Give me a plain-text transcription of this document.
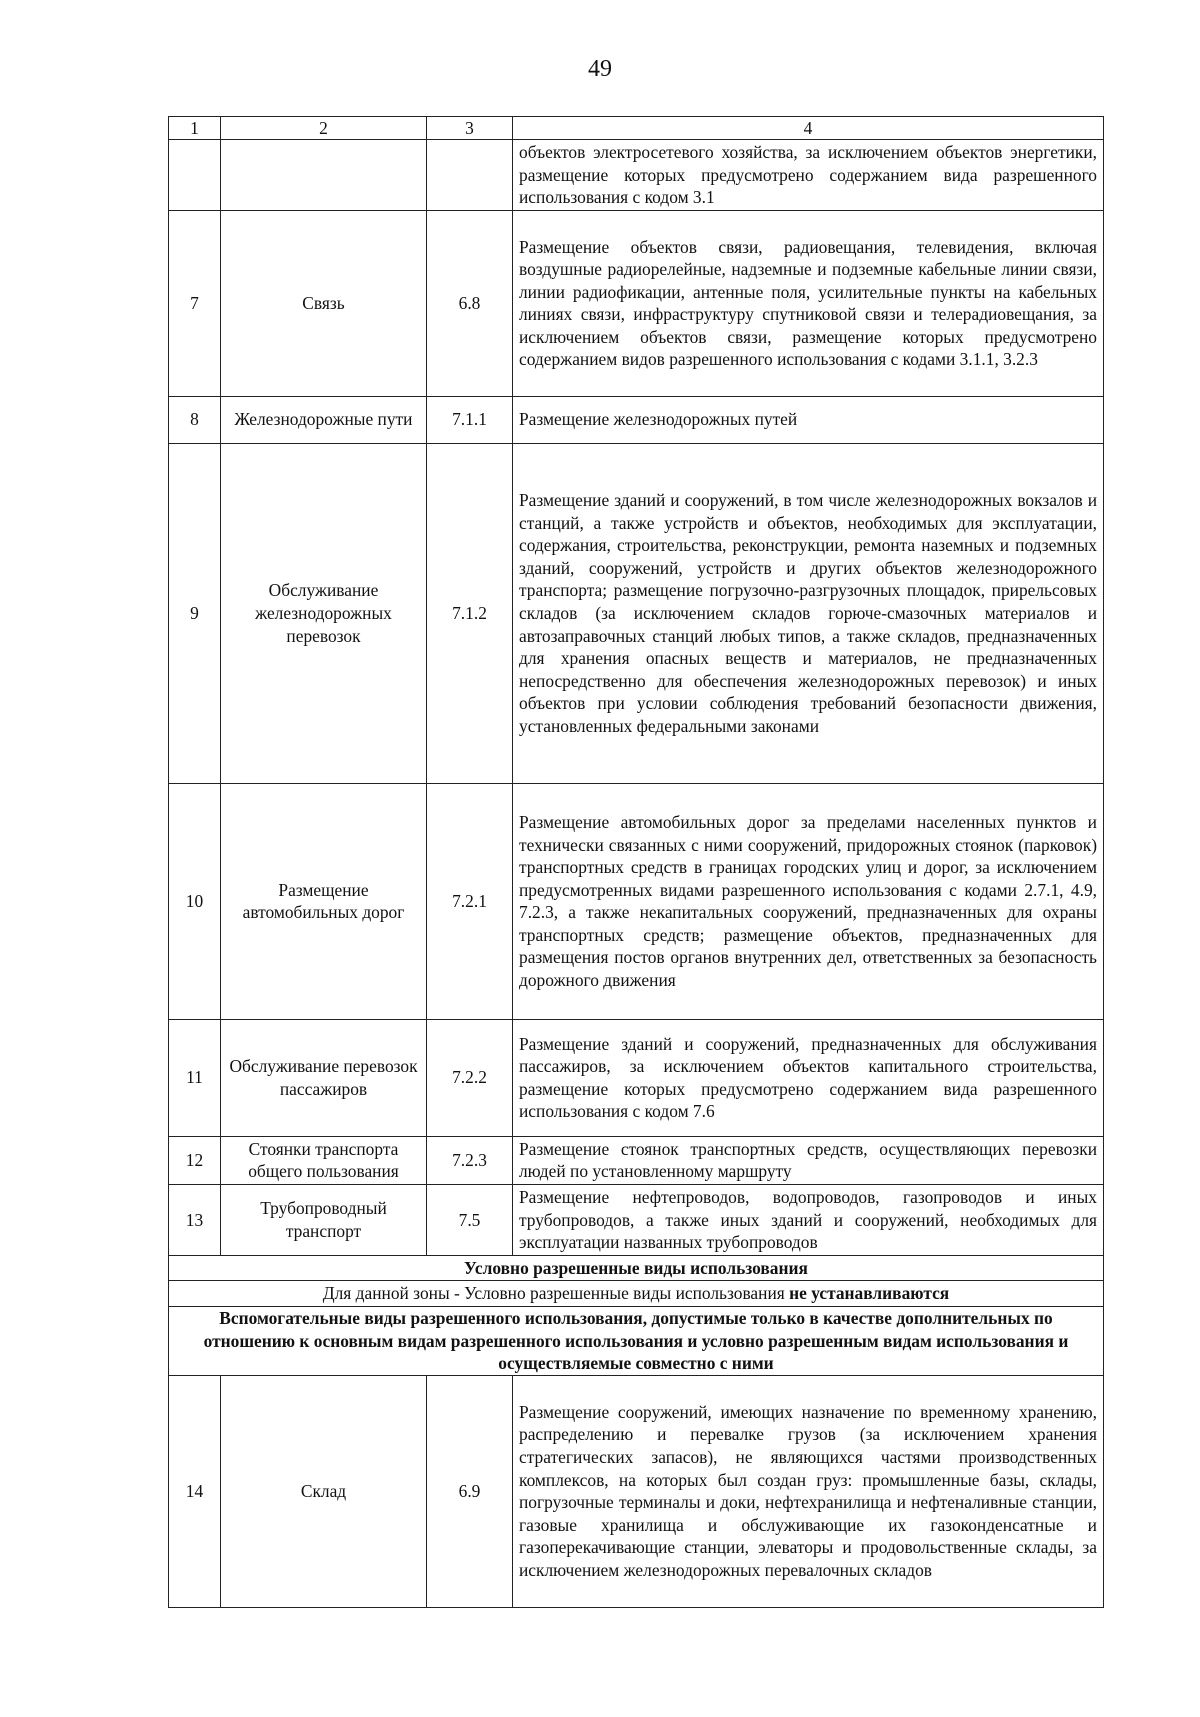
49
1	2	3	4
			объектов электросетевого хозяйства, за исключением объектов энергетики, размещение которых предусмотрено содержанием вида разрешенного использования с кодом 3.1
7	Связь	6.8	Размещение объектов связи, радиовещания, телевидения, включая воздушные радиорелейные, надземные и подземные кабельные линии связи, линии радиофикации, антенные поля, усилительные пункты на кабельных линиях связи, инфраструктуру спутниковой связи и телерадиовещания, за исключением объектов связи, размещение которых предусмотрено содержанием видов разрешенного использования с кодами 3.1.1, 3.2.3
8	Железнодорожные пути	7.1.1	Размещение железнодорожных путей
9	Обслуживание железнодорожных перевозок	7.1.2	Размещение зданий и сооружений, в том числе железнодорожных вокзалов и станций, а также устройств и объектов, необходимых для эксплуатации, содержания, строительства, реконструкции, ремонта наземных и подземных зданий, сооружений, устройств и других объектов железнодорожного транспорта; размещение погрузочно-разгрузочных площадок, прирельсовых складов (за исключением складов горюче-смазочных материалов и автозаправочных станций любых типов, а также складов, предназначенных для хранения опасных веществ и материалов, не предназначенных непосредственно для обеспечения железнодорожных перевозок) и иных объектов при условии соблюдения требований безопасности движения, установленных федеральными законами
10	Размещение автомобильных дорог	7.2.1	Размещение автомобильных дорог за пределами населенных пунктов и технически связанных с ними сооружений, придорожных стоянок (парковок) транспортных средств в границах городских улиц и дорог, за исключением предусмотренных видами разрешенного использования с кодами 2.7.1, 4.9, 7.2.3, а также некапитальных сооружений, предназначенных для охраны транспортных средств; размещение объектов, предназначенных для размещения постов органов внутренних дел, ответственных за безопасность дорожного движения
11	Обслуживание перевозок пассажиров	7.2.2	Размещение зданий и сооружений, предназначенных для обслуживания пассажиров, за исключением объектов капитального строительства, размещение которых предусмотрено содержанием вида разрешенного использования с кодом 7.6
12	Стоянки транспорта общего пользования	7.2.3	Размещение стоянок транспортных средств, осуществляющих перевозки людей по установленному маршруту
13	Трубопроводный транспорт	7.5	Размещение нефтепроводов, водопроводов, газопроводов и иных трубопроводов, а также иных зданий и сооружений, необходимых для эксплуатации названных трубопроводов
Условно разрешенные виды использования			
Для данной зоны - Условно разрешенные виды использования не устанавливаются			
Вспомогательные виды разрешенного использования, допустимые только в качестве дополнительных по отношению к основным видам разрешенного использования и условно разрешенным видам использования и осуществляемые совместно с ними			
14	Склад	6.9	Размещение сооружений, имеющих назначение по временному хранению, распределению и перевалке грузов (за исключением хранения стратегических запасов), не являющихся частями производственных комплексов, на которых был создан груз: промышленные базы, склады, погрузочные терминалы и доки, нефтехранилища и нефтеналивные станции, газовые хранилища и обслуживающие их газоконденсатные и газоперекачивающие станции, элеваторы и продовольственные склады, за исключением железнодорожных перевалочных складов
